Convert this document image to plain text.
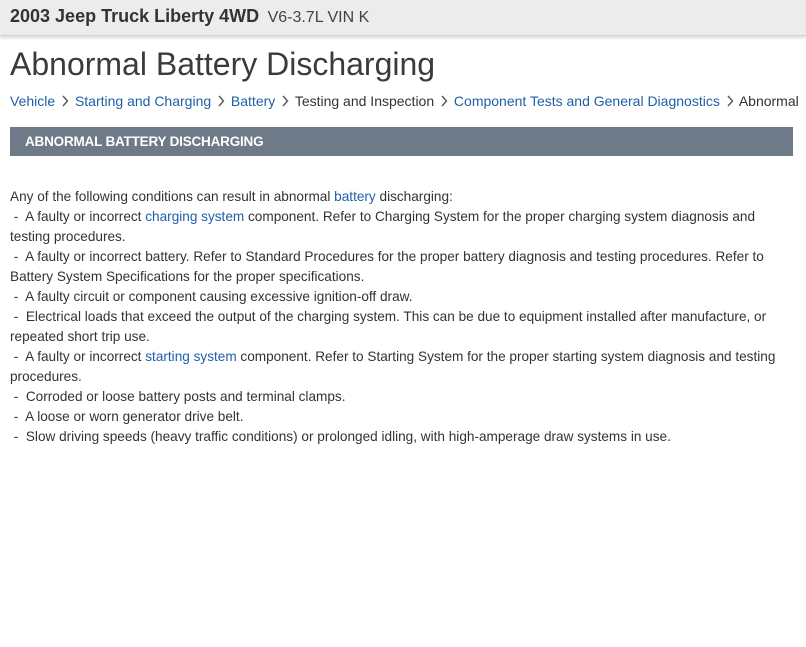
2003 Jeep Truck Liberty 4WD V6-3.7L VIN K
Abnormal Battery Discharging
Vehicle Starting and Charging Battery Testing and Inspection Component Tests and General Diagnostics Abnormal
ABNORMAL BATTERY DISCHARGING

Any of the following conditions can result in abnormal battery discharging:

-  A faulty or incorrect charging system component. Refer to Charging System for the proper charging system diagnosis and testing procedures.

-  A faulty or incorrect battery. Refer to Standard Procedures for the proper battery diagnosis and testing procedures. Refer to Battery System Specifications for the proper specifications.

-  A faulty circuit or component causing excessive ignition-off draw.

-  Electrical loads that exceed the output of the charging system. This can be due to equipment installed after manufacture, or repeated short trip use.

-  A faulty or incorrect starting system component. Refer to Starting System for the proper starting system diagnosis and testing procedures.

-  Corroded or loose battery posts and terminal clamps.

-  A loose or worn generator drive belt.

-  Slow driving speeds (heavy traffic conditions) or prolonged idling, with high-amperage draw systems in use.
